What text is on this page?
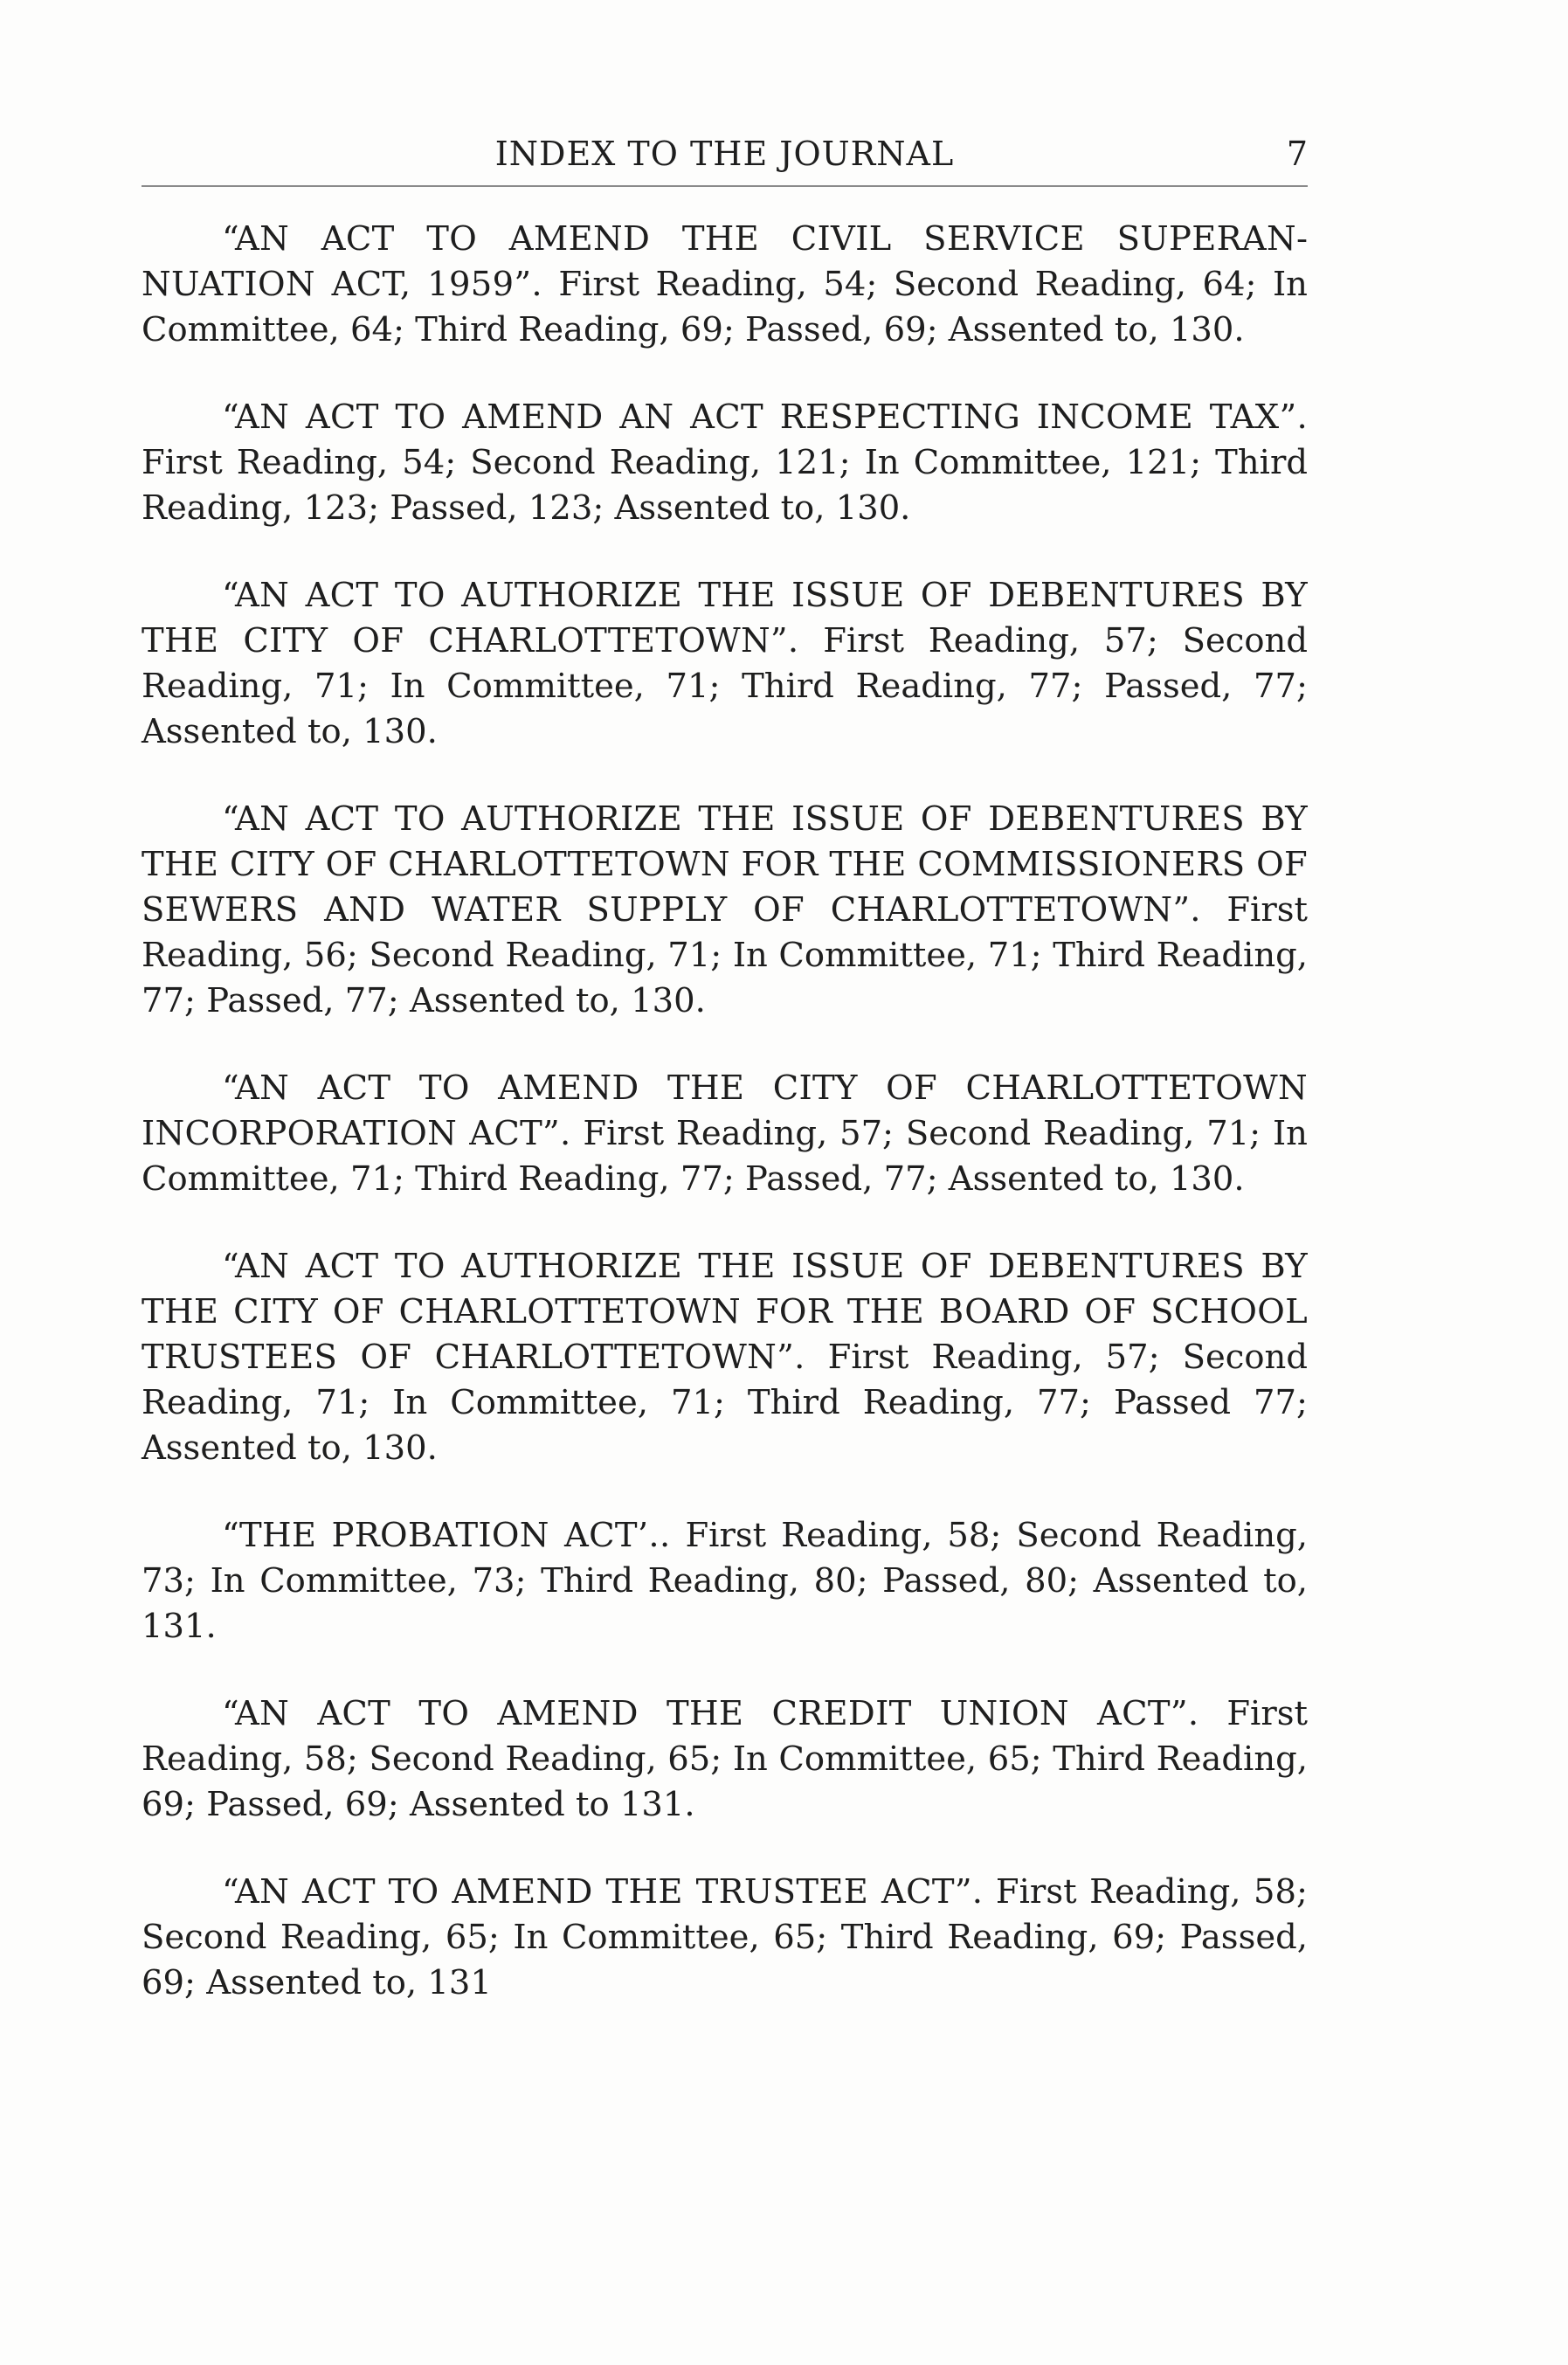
INDEX TO THE JOURNAL	7

“AN ACT TO AMEND THE CIVIL SERVICE SUPERANNUATION ACT, 1959”. First Reading, 54; Second Reading, 64; In Committee, 64; Third Reading, 69; Passed, 69; Assented to, 130.

“AN ACT TO AMEND AN ACT RESPECTING INCOME TAX”. First Reading, 54; Second Reading, 121; In Committee, 121; Third Reading, 123; Passed, 123; Assented to, 130.

“AN ACT TO AUTHORIZE THE ISSUE OF DEBENTURES BY THE CITY OF CHARLOTTETOWN”. First Reading, 57; Second Reading, 71; In Committee, 71; Third Reading, 77; Passed, 77; Assented to, 130.

“AN ACT TO AUTHORIZE THE ISSUE OF DEBENTURES BY THE CITY OF CHARLOTTETOWN FOR THE COMMISSIONERS OF SEWERS AND WATER SUPPLY OF CHARLOTTETOWN”. First Reading, 56; Second Reading, 71; In Committee, 71; Third Reading, 77; Passed, 77; Assented to, 130.

“AN ACT TO AMEND THE CITY OF CHARLOTTETOWN INCORPORATION ACT”. First Reading, 57; Second Reading, 71; In Committee, 71; Third Reading, 77; Passed, 77; Assented to, 130.

“AN ACT TO AUTHORIZE THE ISSUE OF DEBENTURES BY THE CITY OF CHARLOTTETOWN FOR THE BOARD OF SCHOOL TRUSTEES OF CHARLOTTETOWN”. First Reading, 57; Second Reading, 71; In Committee, 71; Third Reading, 77; Passed 77; Assented to, 130.

“THE PROBATION ACT’.. First Reading, 58; Second Reading, 73; In Committee, 73; Third Reading, 80; Passed, 80; Assented to, 131.

“AN ACT TO AMEND THE CREDIT UNION ACT”. First Reading, 58; Second Reading, 65; In Committee, 65; Third Reading, 69; Passed, 69; Assented to 131.

“AN ACT TO AMEND THE TRUSTEE ACT”. First Reading, 58; Second Reading, 65; In Committee, 65; Third Reading, 69; Passed, 69; Assented to, 131
